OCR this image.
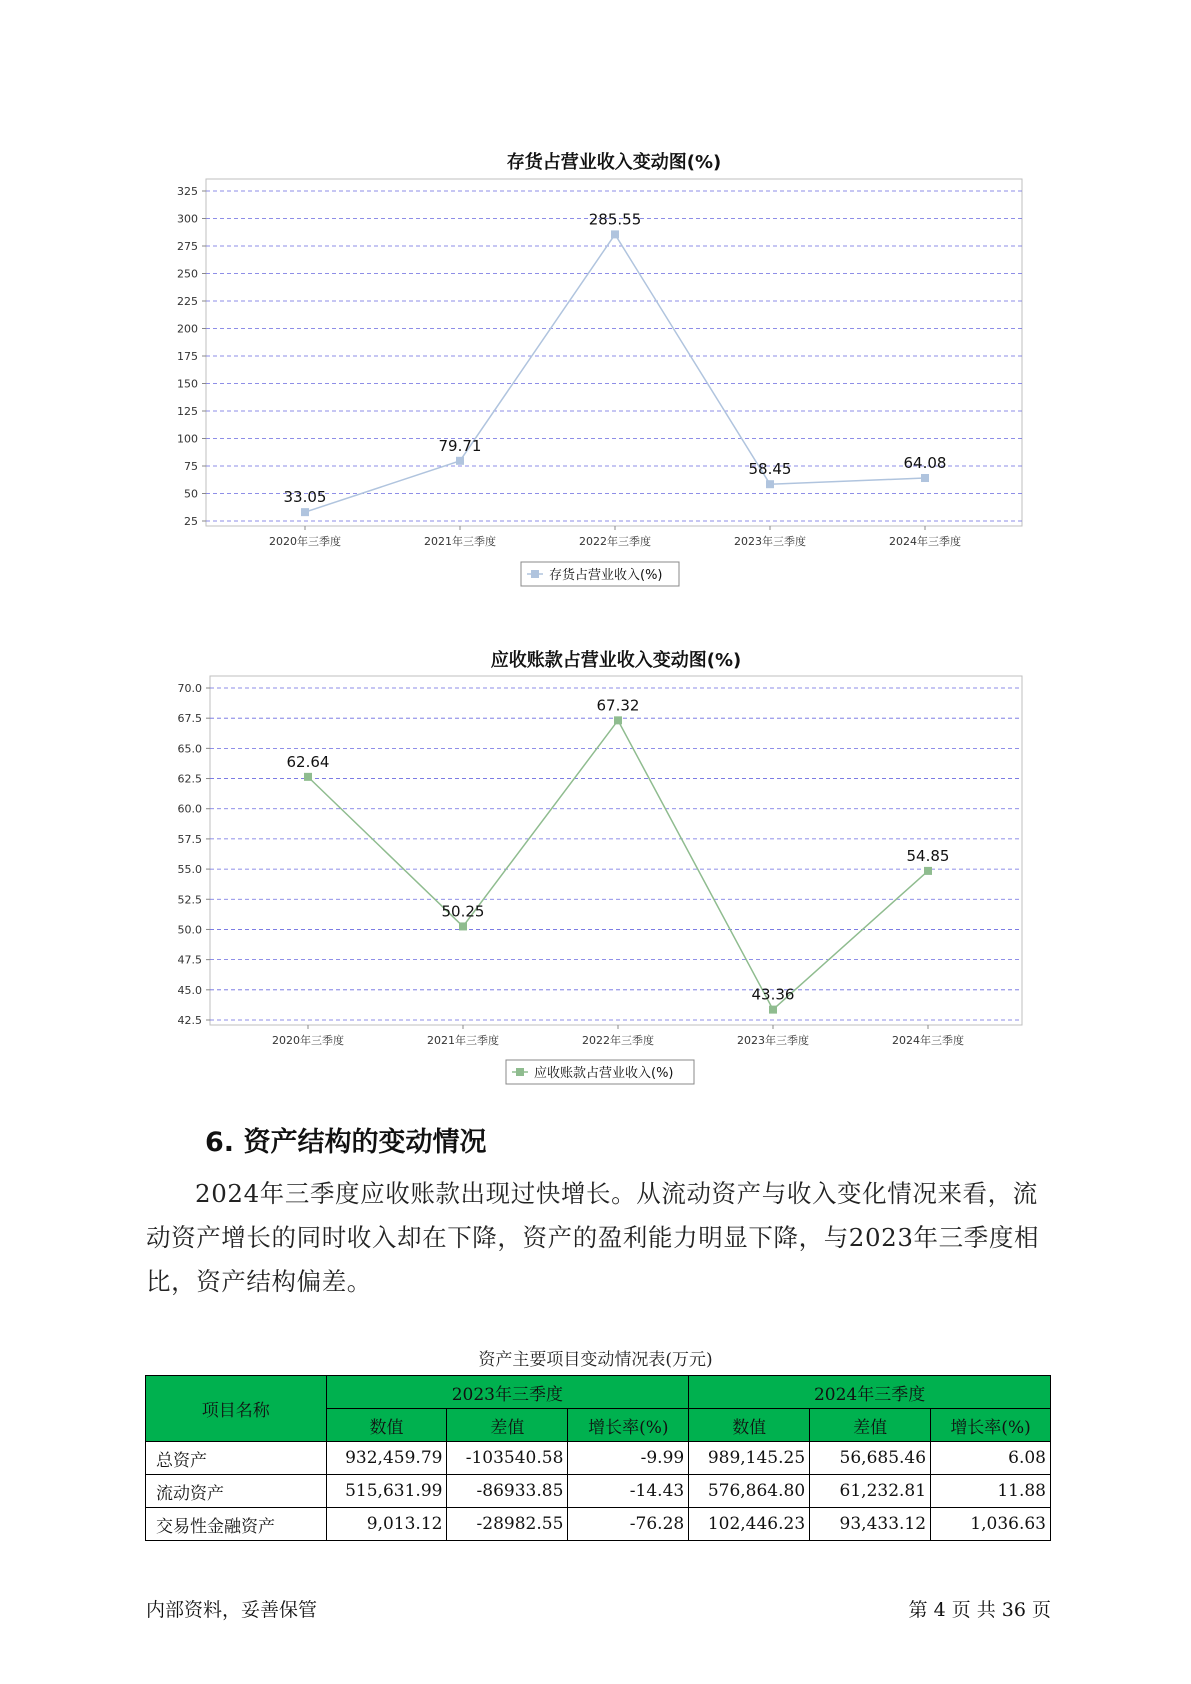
存货占营业收入变动图(%)
25
50
75
100
125
150
175
200
225
250
275
300
325
2020年三季度	2021年三季度	2022年三季度	2023年三季度	2024年三季度
33.05
79.71
285.55
58.45	64.08
存货占营业收入(%)
应收账款占营业收入变动图(%)
42.5
45.0
47.5
50.0
52.5
55.0
57.5
60.0
62.5
65.0
67.5
70.0
2020年三季度	2021年三季度	2022年三季度	2023年三季度	2024年三季度
62.64
50.25
67.32
43.36
54.85
应收账款占营业收入(%)
6. 资产结构的变动情况

2024年三季度应收账款出现过快增长。从流动资产与收入变化情况来看，流动资产增长的同时收入却在下降，资产的盈利能力明显下降，与2023年三季度相比，资产结构偏差。

资产主要项目变动情况表(万元)
项目名称	2023年三季度			2024年三季度		
	数值	差值	增长率(%)	数值	差值	增长率(%)
总资产	932,459.79	-103540.58	-9.99	989,145.25	56,685.46	6.08
流动资产	515,631.99	-86933.85	-14.43	576,864.80	61,232.81	11.88
交易性金融资产	9,013.12	-28982.55	-76.28	102,446.23	93,433.12	1,036.63
内部资料，妥善保管	第 4 页 共 36 页
